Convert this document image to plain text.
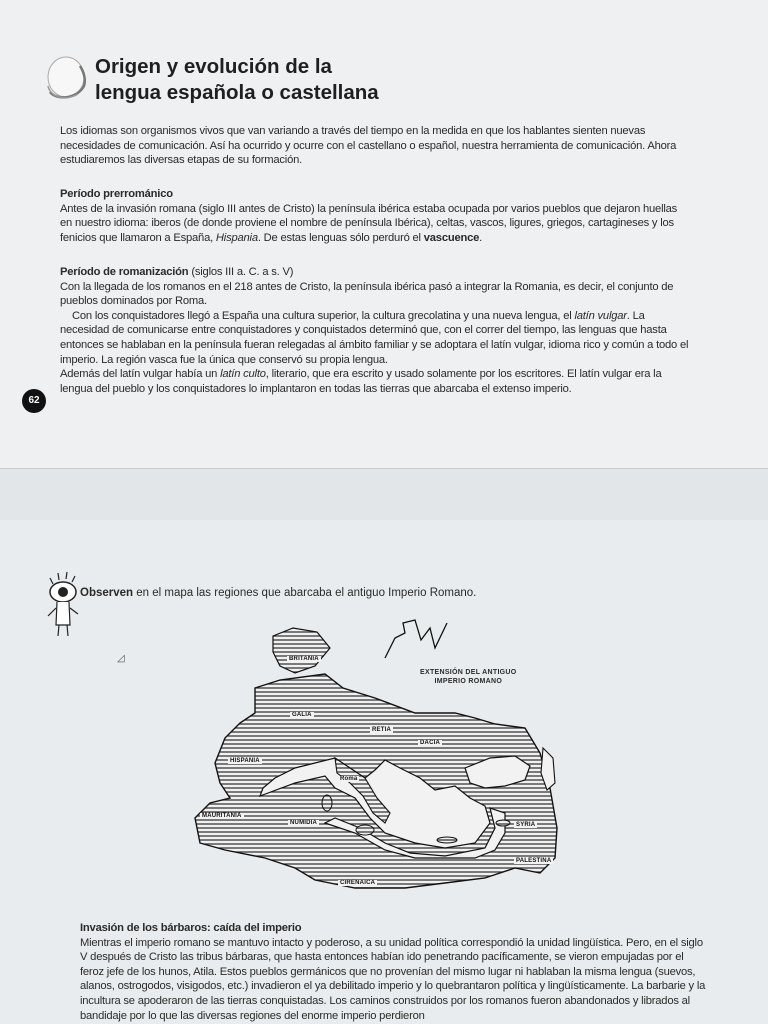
Origen y evolución de la
lengua española o castellana

Los idiomas son organismos vivos que van variando a través del tiempo en la medida en que los hablantes sienten nuevas necesidades de comunicación. Así ha ocurrido y ocurre con el castellano o español, nuestra herramienta de comunicación. Ahora estudiaremos las diversas etapas de su formación.

Período prerrománico

Antes de la invasión romana (siglo III antes de Cristo) la península ibérica estaba ocupada por varios pueblos que dejaron huellas en nuestro idioma: iberos (de donde proviene el nombre de península Ibérica), celtas, vascos, ligures, griegos, cartagineses y los fenicios que llamaron a España, Hispania. De estas lenguas sólo perduró el vascuence.

Período de romanización (siglos III a. C. a s. V)

Con la llegada de los romanos en el 218 antes de Cristo, la península ibérica pasó a integrar la Romania, es decir, el conjunto de pueblos dominados por Roma.

Con los conquistadores llegó a España una cultura superior, la cultura grecolatina y una nueva lengua, el latín vulgar. La necesidad de comunicarse entre conquistadores y conquistados determinó que, con el correr del tiempo, las lenguas que hasta entonces se hablaban en la península fueran relegadas al ámbito familiar y se adoptara el latín vulgar, idioma rico y común a todo el imperio. La región vasca fue la única que conservó su propia lengua.

Además del latín vulgar había un latín culto, literario, que era escrito y usado solamente por los escritores. El latín vulgar era la lengua del pueblo y los conquistadores lo implantaron en todas las tierras que abarcaba el extenso imperio.

62

Observen en el mapa las regiones que abarcaba el antiguo Imperio Romano.

◿
EXTENSIÓN DEL ANTIGUO
IMPERIO ROMANO
BRITANIA
GALIA
RETIA
DACIA
HISPANIA
Roma
MAURITANIA
NUMIDIA	SYRIA
PALESTINA
CIRENAICA

Invasión de los bárbaros: caída del imperio

Mientras el imperio romano se mantuvo intacto y poderoso, a su unidad política correspondió la unidad lingüística. Pero, en el siglo V después de Cristo las tribus bárbaras, que hasta entonces habían ido penetrando pacíficamente, se vieron empujadas por el feroz jefe de los hunos, Atila. Estos pueblos germánicos que no provenían del mismo lugar ni hablaban la misma lengua (suevos, alanos, ostrogodos, visigodos, etc.) invadieron el ya debilitado imperio y lo quebrantaron política y lingüísticamente. La barbarie y la incultura se apoderaron de las tierras conquistadas. Los caminos construidos por los romanos fueron abandonados y librados al bandidaje por lo que las diversas regiones del enorme imperio perdieron
